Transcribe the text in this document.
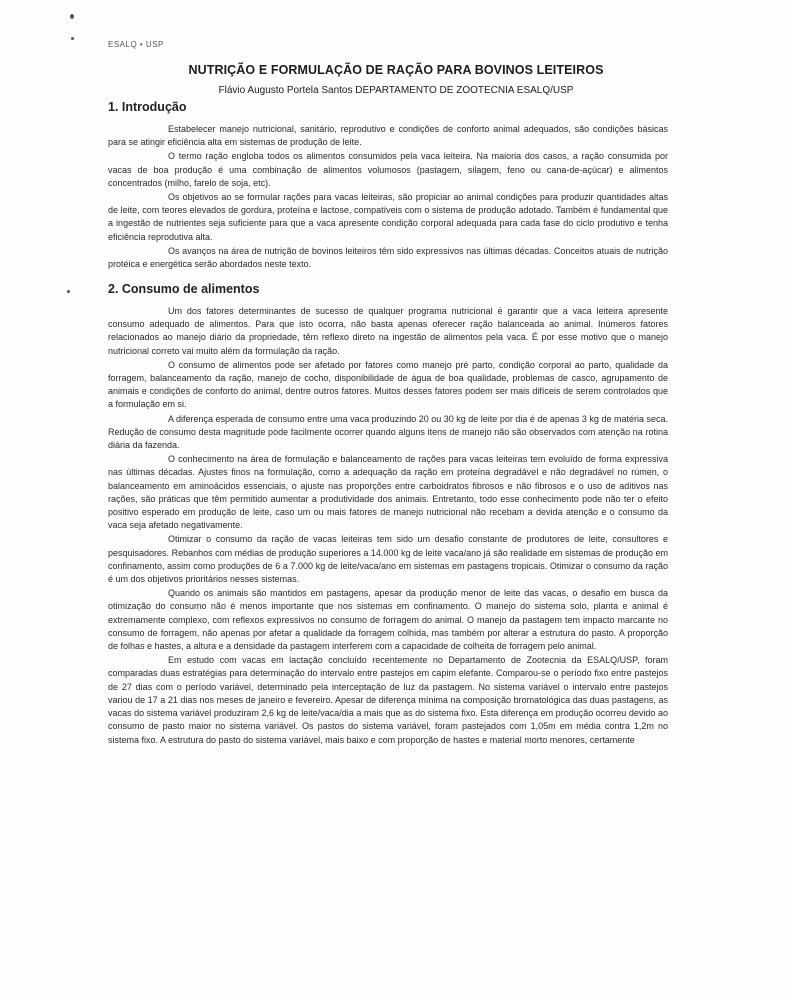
ESALQ • USP
NUTRIÇÃO E FORMULAÇÃO DE RAÇÃO PARA BOVINOS LEITEIROS

Flávio Augusto Portela Santos DEPARTAMENTO DE ZOOTECNIA ESALQ/USP

1. Introdução

Estabelecer manejo nutricional, sanitário, reprodutivo e condições de conforto animal adequados, são condições básicas para se atingir eficiência alta em sistemas de produção de leite.

O termo ração engloba todos os alimentos consumidos pela vaca leiteira. Na maioria dos casos, a ração consumida por vacas de boa produção é uma combinação de alimentos volumosos (pastagem, silagem, feno ou cana-de-açúcar) e alimentos concentrados (milho, farelo de soja, etc).

Os objetivos ao se formular rações para vacas leiteiras, são propiciar ao animal condições para produzir quantidades altas de leite, com teores elevados de gordura, proteína e lactose, compatíveis com o sistema de produção adotado. Também é fundamental que a ingestão de nutrientes seja suficiente para que a vaca apresente condição corporal adequada para cada fase do ciclo produtivo e tenha eficiência reprodutiva alta.

Os avanços na área de nutrição de bovinos leiteiros têm sido expressivos nas últimas décadas. Conceitos atuais de nutrição protéica e energética serão abordados neste texto.

2. Consumo de alimentos

Um dos fatores determinantes de sucesso de qualquer programa nutricional é garantir que a vaca leiteira apresente consumo adequado de alimentos. Para que isto ocorra, não basta apenas oferecer ração balanceada ao animal. Inúmeros fatores relacionados ao manejo diário da propriedade, têm reflexo direto na ingestão de alimentos pela vaca. É por esse motivo que o manejo nutricional correto vai muito além da formulação da ração.

O consumo de alimentos pode ser afetado por fatores como manejo pré parto, condição corporal ao parto, qualidade da forragem, balanceamento da ração, manejo de cocho, disponibilidade de água de boa qualidade, problemas de casco, agrupamento de animais e condições de conforto do animal, dentre outros fatores. Muitos desses fatores podem ser mais difíceis de serem controlados que a formulação em si.

A diferença esperada de consumo entre uma vaca produzindo 20 ou 30 kg de leite por dia é de apenas 3 kg de matéria seca. Redução de consumo desta magnitude pode facilmente ocorrer quando alguns itens de manejo não são observados com atenção na rotina diária da fazenda.

O conhecimento na área de formulação e balanceamento de rações para vacas leiteiras tem evoluído de forma expressiva nas últimas décadas. Ajustes finos na formulação, como a adequação da ração em proteína degradável e não degradável no rúmen, o balanceamento em aminoácidos essenciais, o ajuste nas proporções entre carboidratos fibrosos e não fibrosos e o uso de aditivos nas rações, são práticas que têm permitido aumentar a produtividade dos animais. Entretanto, todo esse conhecimento pode não ter o efeito positivo esperado em produção de leite, caso um ou mais fatores de manejo nutricional não recebam a devida atenção e o consumo da vaca seja afetado negativamente.

Otimizar o consumo da ração de vacas leiteiras tem sido um desafio constante de produtores de leite, consultores e pesquisadores. Rebanhos com médias de produção superiores a 14.000 kg de leite vaca/ano já são realidade em sistemas de produção em confinamento, assim como produções de 6 a 7.000 kg de leite/vaca/ano em sistemas em pastagens tropicais. Otimizar o consumo da ração é um dos objetivos prioritários nesses sistemas.

Quando os animais são mantidos em pastagens, apesar da produção menor de leite das vacas, o desafio em busca da otimização do consumo não é menos importante que nos sistemas em confinamento. O manejo do sistema solo, planta e animal é extremamente complexo, com reflexos expressivos no consumo de forragem do animal. O manejo da pastagem tem impacto marcante no consumo de forragem, não apenas por afetar a qualidade da forragem colhida, mas também por alterar a estrutura do pasto. A proporção de folhas e hastes, a altura e a densidade da pastagem interferem com a capacidade de colheita de forragem pelo animal.

Em estudo com vacas em lactação concluído recentemente no Departamento de Zootecnia da ESALQ/USP, foram comparadas duas estratégias para determinação do intervalo entre pastejos em capim elefante. Comparou-se o período fixo entre pastejos de 27 dias com o período variável, determinado pela interceptação de luz da pastagem. No sistema variável o intervalo entre pastejos variou de 17 a 21 dias nos meses de janeiro e fevereiro. Apesar de diferença mínima na composição bromatológica das duas pastagens, as vacas do sistema variável produziram 2,6 kg de leite/vaca/dia a mais que as do sistema fixo. Esta diferença em produção ocorreu devido ao consumo de pasto maior no sistema variável. Os pastos do sistema variável, foram pastejados com 1,05m em média contra 1,2m no sistema fixo. A estrutura do pasto do sistema variável, mais baixo e com proporção de hastes e material morto menores, certamente
